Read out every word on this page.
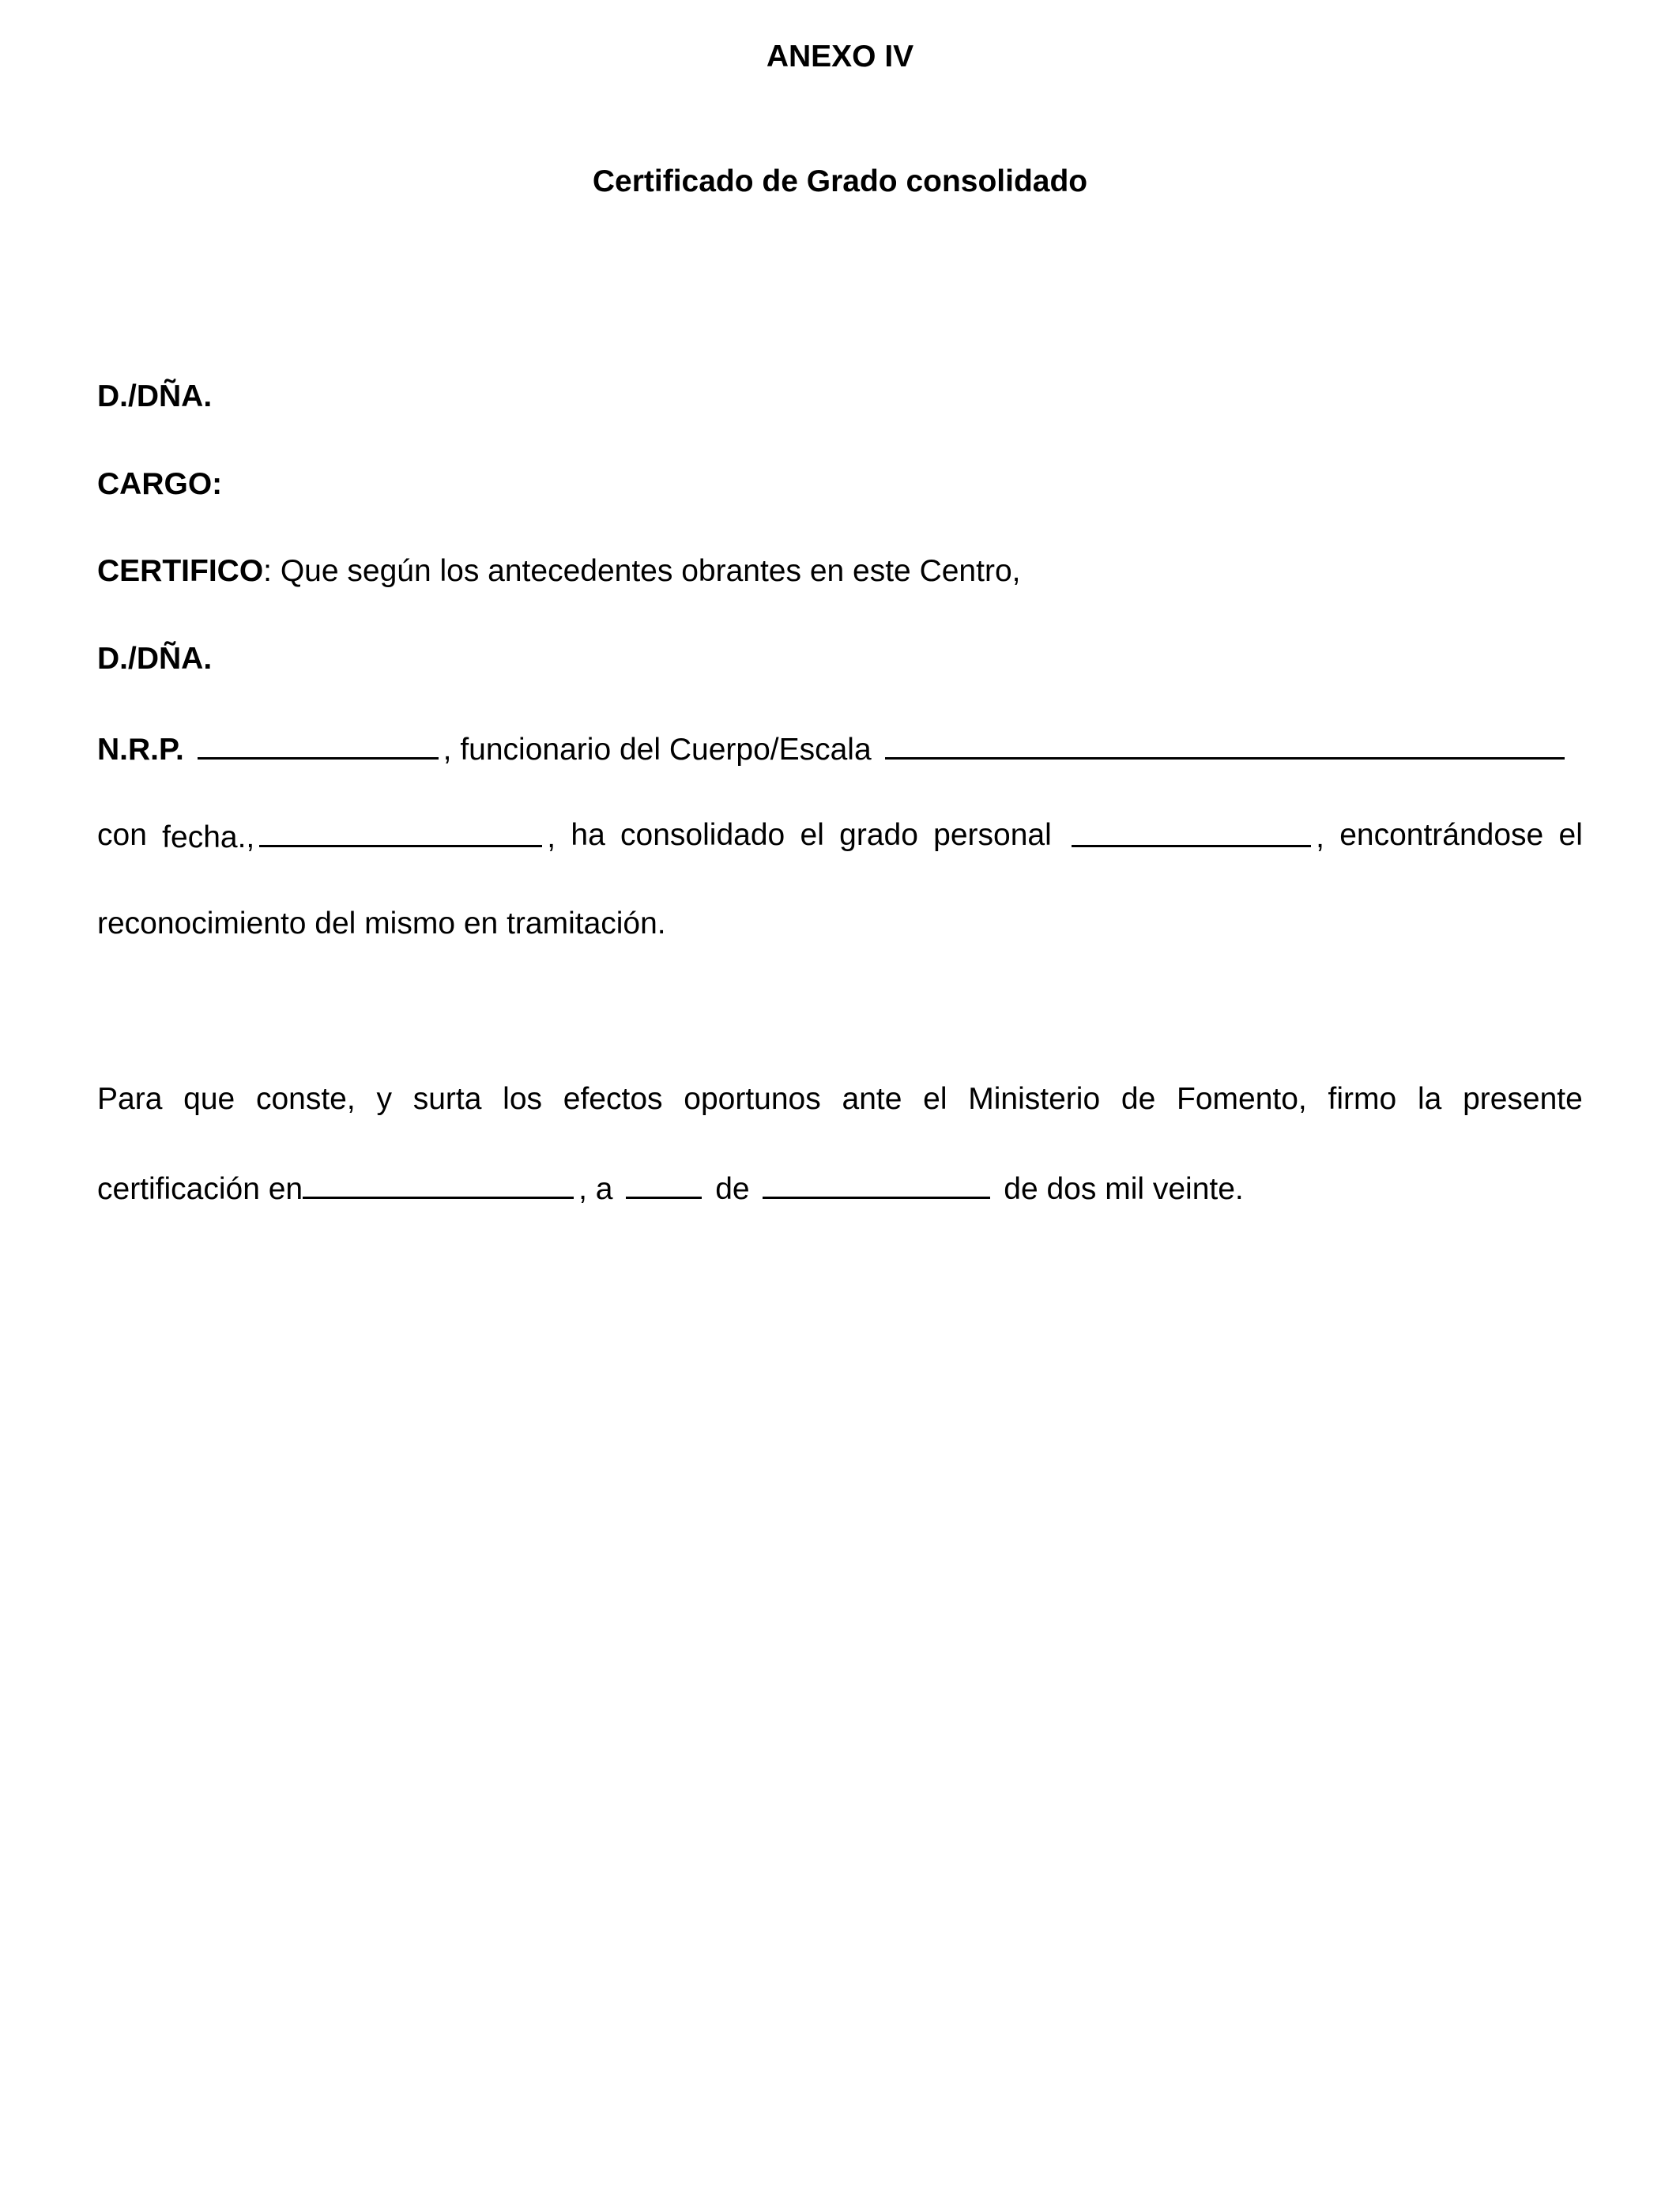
ANEXO IV
Certificado de Grado consolidado
D./DÑA.
CARGO:
CERTIFICO: Que según los antecedentes obrantes en este Centro,
D./DÑA.
N.R.P.	, funcionario del Cuerpo/Escala
con fecha.,	, ha consolidado el grado personal	, encontrándose el
reconocimiento del mismo en tramitación.
Para que conste, y surta los efectos oportunos ante el Ministerio de Fomento, firmo la presente
certificación en	, a	de	de dos mil veinte.
